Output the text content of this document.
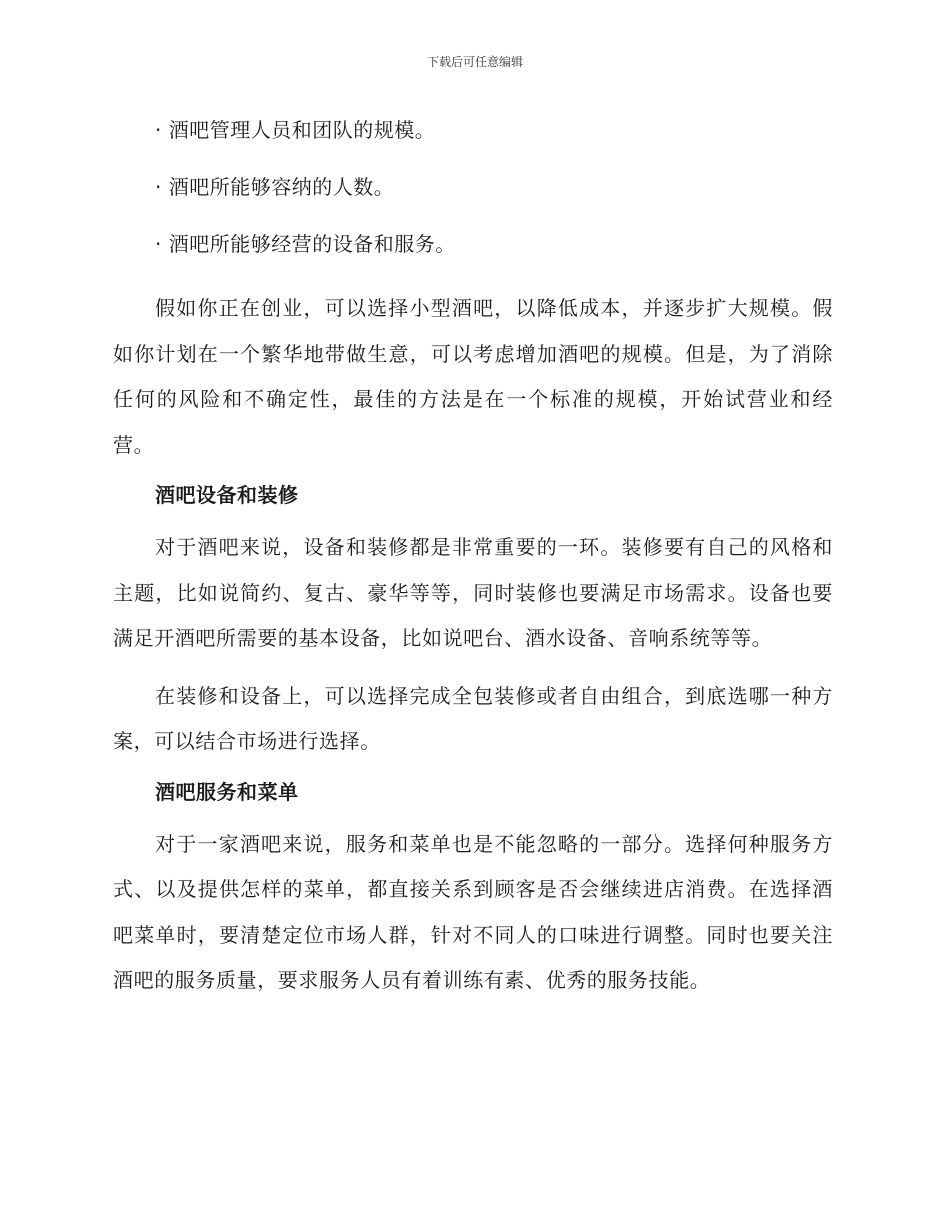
下载后可任意编辑
· 酒吧管理人员和团队的规模。
· 酒吧所能够容纳的人数。
· 酒吧所能够经营的设备和服务。

假如你正在创业，可以选择小型酒吧，以降低成本，并逐步扩大规模。假如你计划在一个繁华地带做生意，可以考虑增加酒吧的规模。但是，为了消除任何的风险和不确定性，最佳的方法是在一个标准的规模，开始试营业和经营。

酒吧设备和装修

对于酒吧来说，设备和装修都是非常重要的一环。装修要有自己的风格和主题，比如说简约、复古、豪华等等，同时装修也要满足市场需求。设备也要满足开酒吧所需要的基本设备，比如说吧台、酒水设备、音响系统等等。

在装修和设备上，可以选择完成全包装修或者自由组合，到底选哪一种方案，可以结合市场进行选择。

酒吧服务和菜单

对于一家酒吧来说，服务和菜单也是不能忽略的一部分。选择何种服务方式、以及提供怎样的菜单，都直接关系到顾客是否会继续进店消费。在选择酒吧菜单时，要清楚定位市场人群，针对不同人的口味进行调整。同时也要关注酒吧的服务质量，要求服务人员有着训练有素、优秀的服务技能。
